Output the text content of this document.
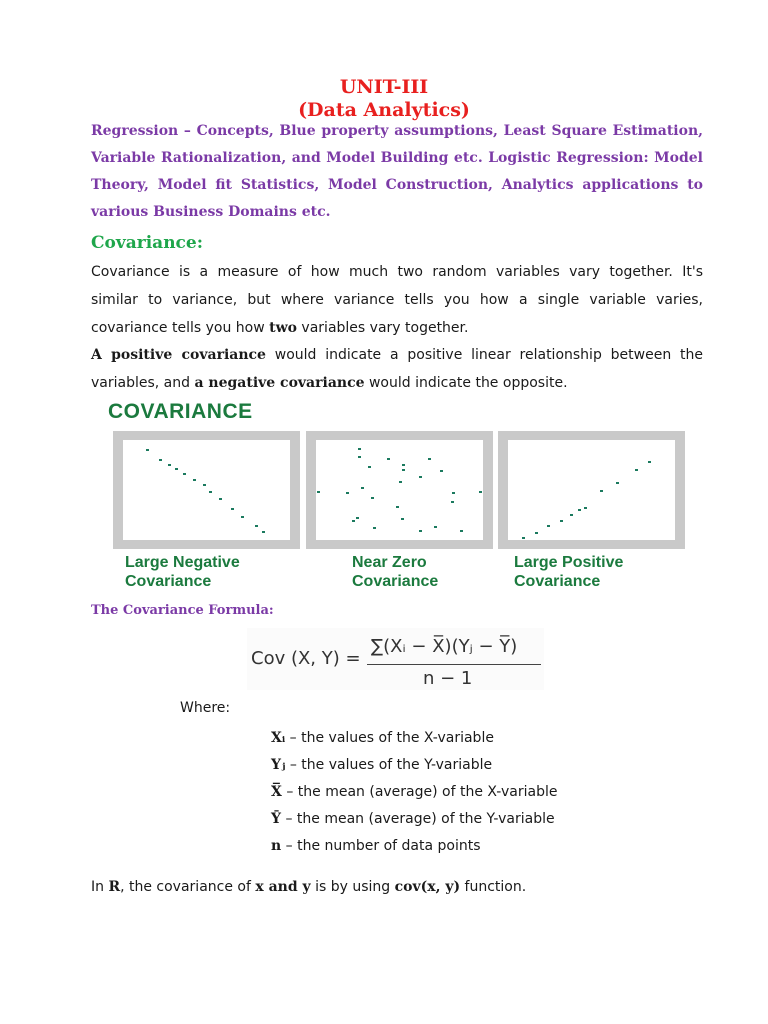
UNIT-III
(Data Analytics)
Regression – Concepts, Blue property assumptions, Least Square Estimation,
Variable Rationalization, and Model Building etc. Logistic Regression: Model
Theory, Model fit Statistics, Model Construction, Analytics applications to
various Business Domains etc.
Covariance:
Covariance is a measure of how much two random variables vary together. It's
similar to variance, but where variance tells you how a single variable varies,
covariance tells you how two variables vary together.
A positive covariance would indicate a positive linear relationship between the
variables, and a negative covariance would indicate the opposite.
COVARIANCE
Large Negative
Covariance
Near Zero
Covariance
Large Positive
Covariance
The Covariance Formula:
Cov (X, Y) =
∑(Xᵢ − X̅)(Yⱼ − Y̅)
n − 1
Where:
Xᵢ – the values of the X-variable
Yⱼ – the values of the Y-variable
X̅ – the mean (average) of the X-variable
Ȳ – the mean (average) of the Y-variable
n – the number of data points
In R, the covariance of x and y is by using cov(x, y) function.
